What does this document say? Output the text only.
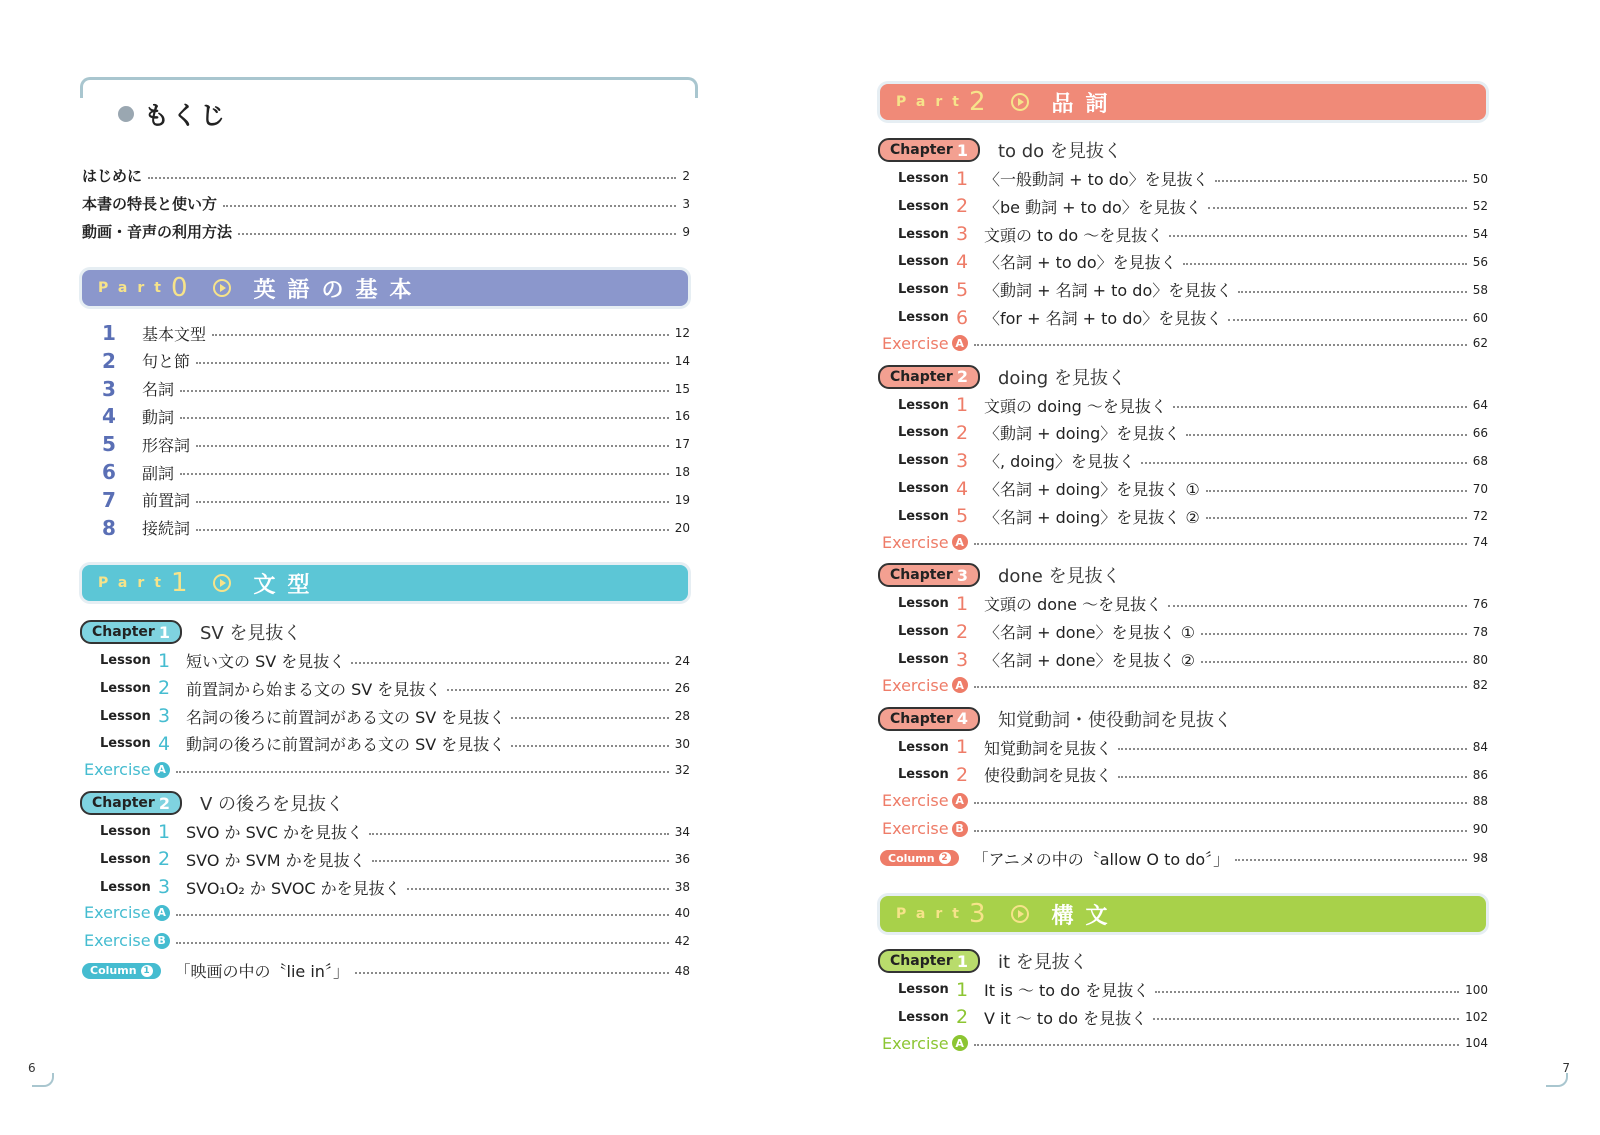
もくじ
はじめに	2
本書の特長と使い方	3
動画・音声の利用方法	9
Part 0	英語の基本
1	基本文型	12
2	句と節	14
3	名詞	15
4	動詞	16
5	形容詞	17
6	副詞	18
7	前置詞	19
8	接続詞	20
Part 1	文型
Chapter 1 SV を見抜く
Lesson 1 短い文の SV を見抜く	24
Lesson 2 前置詞から始まる文の SV を見抜く	26
Lesson 3 名詞の後ろに前置詞がある文の SV を見抜く	28
Lesson 4 動詞の後ろに前置詞がある文の SV を見抜く	30
Exercise A	32
Chapter 2 V の後ろを見抜く
Lesson 1 SVO か SVC かを見抜く	34
Lesson 2 SVO か SVM かを見抜く	36
Lesson 3 SVO₁O₂ か SVOC かを見抜く	38
Exercise A	40
Exercise B	42
Column 1 「映画の中の〝lie in〞」	48
6
Part 2	品詞
Chapter 1 to do を見抜く
Lesson 1 〈一般動詞 + to do〉を見抜く	50
Lesson 2 〈be 動詞 + to do〉を見抜く	52
Lesson 3 文頭の to do 〜を見抜く	54
Lesson 4 〈名詞 + to do〉を見抜く	56
Lesson 5 〈動詞 + 名詞 + to do〉を見抜く	58
Lesson 6 〈for + 名詞 + to do〉を見抜く	60
Exercise A	62
Chapter 2 doing を見抜く
Lesson 1 文頭の doing 〜を見抜く	64
Lesson 2 〈動詞 + doing〉を見抜く	66
Lesson 3 〈, doing〉を見抜く	68
Lesson 4 〈名詞 + doing〉を見抜く ①	70
Lesson 5 〈名詞 + doing〉を見抜く ②	72
Exercise A	74
Chapter 3 done を見抜く
Lesson 1 文頭の done 〜を見抜く	76
Lesson 2 〈名詞 + done〉を見抜く ①	78
Lesson 3 〈名詞 + done〉を見抜く ②	80
Exercise A	82
Chapter 4 知覚動詞・使役動詞を見抜く
Lesson 1 知覚動詞を見抜く	84
Lesson 2 使役動詞を見抜く	86
Exercise A	88
Exercise B	90
Column 2 「アニメの中の〝allow O to do〞」	98
Part 3	構文
Chapter 1 it を見抜く
Lesson 1 It is 〜 to do を見抜く	100
Lesson 2 V it 〜 to do を見抜く	102
Exercise A	104
7
